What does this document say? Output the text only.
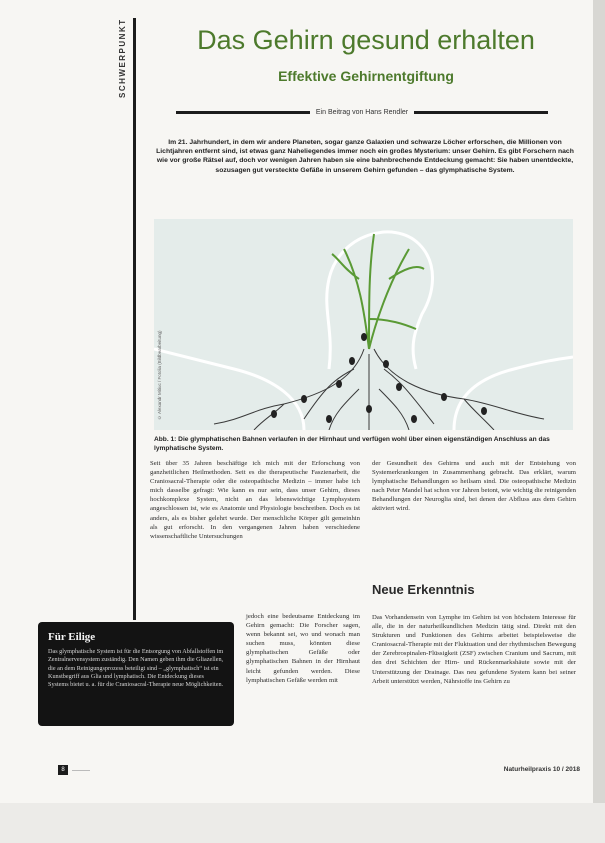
SCHWERPUNKT	Das Gehirn gesund erhalten
Effektive Gehirnentgiftung
Ein Beitrag von Hans Rendler

Im 21. Jahrhundert, in dem wir andere Planeten, sogar ganze Galaxien und schwarze Löcher erforschen, die Millionen von Lichtjahren entfernt sind, ist etwas ganz Naheliegendes immer noch ein großes Mysterium: unser Gehirn. Es gibt Forschern nach wie vor große Rätsel auf, doch vor wenigen Jahren haben sie eine bahnbrechende Entdeckung gemacht: Sie haben unentdeckte, sozusagen gut versteckte Gefäße in unserem Gehirn gefunden – das glymphatische System.

© Alexandr Mitiuc / Fotolia (Bildbearbeitung)

Abb. 1: Die glymphatischen Bahnen verlaufen in der Hirnhaut und verfügen wohl über einen eigenständigen Anschluss an das lymphatische System.

Seit über 35 Jahren beschäftige ich mich mit der Erforschung von ganzheitlichen Heilmethoden. Seit es die therapeutische Faszienarbeit, die Craniosacral-Therapie oder die osteopathische Medizin – immer habe ich mich dasselbe gefragt: Wie kann es nur sein, dass unser Gehirn, dieses hochkomplexe System, nicht an das lebenswichtige Lymphsystem angeschlossen ist, wie es Anatomie und Physiologie beschreiben. Doch es ist anders, als es bisher gelehrt wurde. Der menschliche Körper gilt gemeinhin als gut erforscht. In den vergangenen Jahren haben verschiedene wissenschaftliche Untersuchungen

jedoch eine bedeutsame Entdeckung im Gehirn gemacht: Die Forscher sagen, wenn bekannt sei, wo und wonach man suchen muss, könnten diese glymphatischen Gefäße oder glymphatischen Bahnen in der Hirnhaut leicht gefunden werden. Diese lymphatischen Gefäße werden mit

der Gesundheit des Gehirns und auch mit der Entstehung von Systemerkrankungen in Zusammenhang gebracht. Das erklärt, warum lymphatische Behandlungen so heilsam sind. Die osteopathische Medizin nach Peter Mandel hat schon vor Jahren betont, wie wichtig die reinigenden Behandlungen der Neuroglia sind, bei denen der Abfluss aus dem Gehirn aktiviert wird.

Neue Erkenntnis

Das Vorhandensein von Lymphe im Gehirn ist von höchstem Interesse für alle, die in der naturheilkundlichen Medizin tätig sind. Direkt mit den Strukturen und Funktionen des Gehirns arbeitet beispielsweise die Craniosacral-Therapie mit der Fluktuation und der rhythmischen Bewegung der Zerebrospinalen-Flüssigkeit (ZSF) zwischen Cranium und Sacrum, mit den drei Schichten der Hirn- und Rückenmarkshäute sowie mit der Unterstützung der Drainage. Das neu gefundene System kann bei seiner Arbeit unterstützt werden, Nährstoffe ins Gehirn zu

Für Eilige

Das glymphatische System ist für die Entsorgung von Abfallstoffen im Zentralnervensystem zuständig. Den Namen geben ihm die Gliazellen, die an dem Reinigungsprozess beteiligt sind – „glymphatisch“ ist ein Kunstbegriff aus Glia und lymphatisch. Die Entdeckung dieses Systems bietet u. a. für die Craniosacral-Therapie neue Möglichkeiten.

8	Naturheilpraxis 10 / 2018
